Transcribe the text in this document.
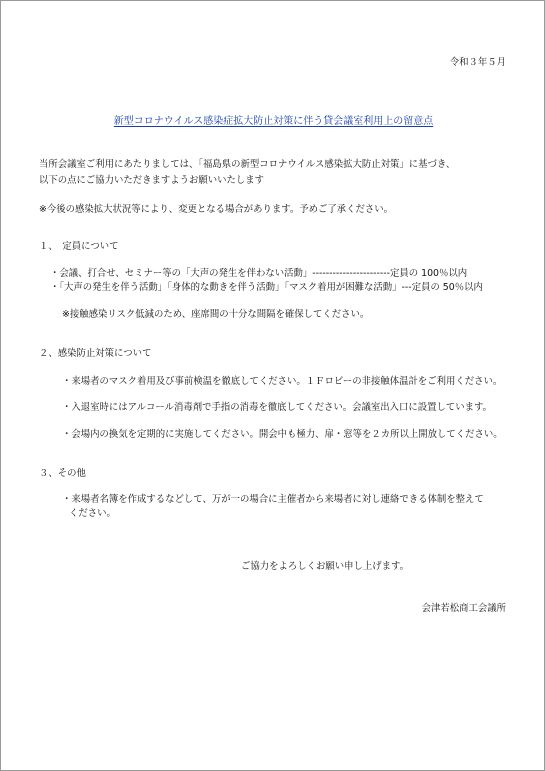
令和３年５月
新型コロナウイルス感染症拡大防止対策に伴う貸会議室利用上の留意点
当所会議室ご利用にあたりましては、「福島県の新型コロナウイルス感染拡大防止対策」に基づき、
以下の点にご協力いただきますようお願いいたします
※今後の感染拡大状況等により、変更となる場合があります。予めご了承ください。
１、　定員について
・会議、打合せ、セミナー等の「大声の発生を伴わない活動」-----------------------定員の 100％以内
・「大声の発生を伴う活動」「身体的な動きを伴う活動」「マスク着用が困難な活動」---定員の 50％以内
※接触感染リスク低減のため、座席間の十分な間隔を確保してください。
２、感染防止対策について
・来場者のマスク着用及び事前検温を徹底してください。１Ｆロビーの非接触体温計をご利用ください。
・入退室時にはアルコール消毒剤で手指の消毒を徹底してください。会議室出入口に設置しています。
・会場内の換気を定期的に実施してください。開会中も極力、扉・窓等を２カ所以上開放してください。
３、その他
・来場者名簿を作成するなどして、万が一の場合に主催者から来場者に対し連絡できる体制を整えて
ください。
ご協力をよろしくお願い申し上げます。
会津若松商工会議所
